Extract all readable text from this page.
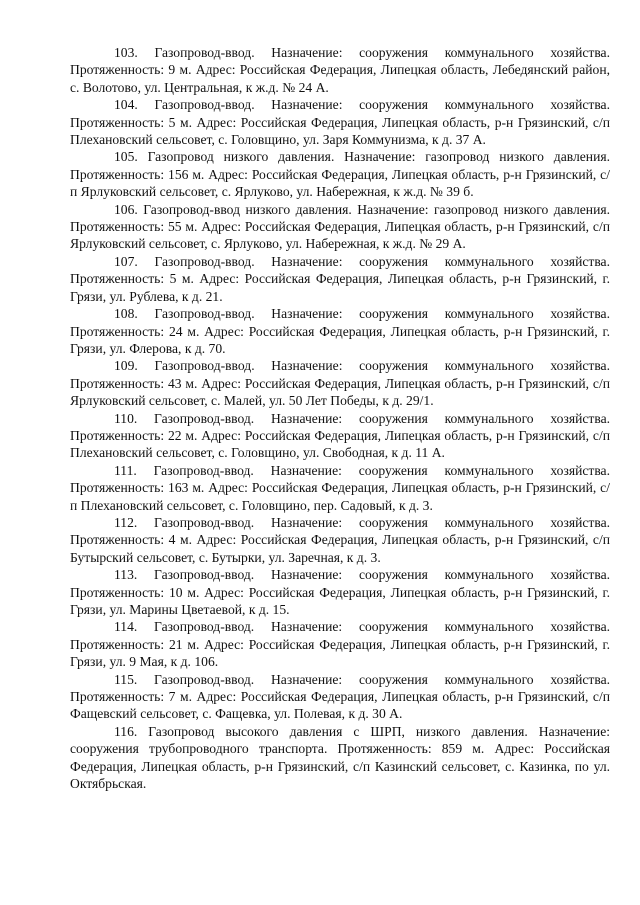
103. Газопровод-ввод. Назначение: сооружения коммунального хозяйства. Протяженность: 9 м. Адрес: Российская Федерация, Липецкая область, Лебедянский район, с. Волотово, ул. Центральная, к ж.д. № 24 А.

104. Газопровод-ввод. Назначение: сооружения коммунального хозяйства. Протяженность: 5 м. Адрес: Российская Федерация, Липецкая область, р-н Грязинский, с/п Плехановский сельсовет, с. Головщино, ул. Заря Коммунизма, к д. 37 А.

105. Газопровод низкого давления. Назначение: газопровод низкого давления. Протяженность: 156 м. Адрес: Российская Федерация, Липецкая область, р-н Грязинский, с/п Ярлуковский сельсовет, с. Ярлуково, ул. Набережная, к ж.д. № 39 б.

106. Газопровод-ввод низкого давления. Назначение: газопровод низкого давления. Протяженность: 55 м. Адрес: Российская Федерация, Липецкая область, р-н Грязинский, с/п Ярлуковский сельсовет, с. Ярлуково, ул. Набережная, к ж.д. № 29 А.

107. Газопровод-ввод. Назначение: сооружения коммунального хозяйства. Протяженность: 5 м. Адрес: Российская Федерация, Липецкая область, р-н Грязинский, г. Грязи, ул. Рублева, к д. 21.

108. Газопровод-ввод. Назначение: сооружения коммунального хозяйства. Протяженность: 24 м. Адрес: Российская Федерация, Липецкая область, р-н Грязинский, г. Грязи, ул. Флерова, к д. 70.

109. Газопровод-ввод. Назначение: сооружения коммунального хозяйства. Протяженность: 43 м. Адрес: Российская Федерация, Липецкая область, р-н Грязинский, с/п Ярлуковский сельсовет, с. Малей, ул. 50 Лет Победы, к д. 29/1.

110. Газопровод-ввод. Назначение: сооружения коммунального хозяйства. Протяженность: 22 м. Адрес: Российская Федерация, Липецкая область, р-н Грязинский, с/п Плехановский сельсовет, с. Головщино, ул. Свободная, к д. 11 А.

111. Газопровод-ввод. Назначение: сооружения коммунального хозяйства. Протяженность: 163 м. Адрес: Российская Федерация, Липецкая область, р-н Грязинский, с/п Плехановский сельсовет, с. Головщино, пер. Садовый, к д. 3.

112. Газопровод-ввод. Назначение: сооружения коммунального хозяйства. Протяженность: 4 м. Адрес: Российская Федерация, Липецкая область, р-н Грязинский, с/п Бутырский сельсовет, с. Бутырки, ул. Заречная, к д. 3.

113. Газопровод-ввод. Назначение: сооружения коммунального хозяйства. Протяженность: 10 м. Адрес: Российская Федерация, Липецкая область, р-н Грязинский, г. Грязи, ул. Марины Цветаевой, к д. 15.

114. Газопровод-ввод. Назначение: сооружения коммунального хозяйства. Протяженность: 21 м. Адрес: Российская Федерация, Липецкая область, р-н Грязинский, г. Грязи, ул. 9 Мая, к д. 106.

115. Газопровод-ввод. Назначение: сооружения коммунального хозяйства. Протяженность: 7 м. Адрес: Российская Федерация, Липецкая область, р-н Грязинский, с/п Фащевский сельсовет, с. Фащевка, ул. Полевая, к д. 30 А.

116. Газопровод высокого давления с ШРП, низкого давления. Назначение: сооружения трубопроводного транспорта. Протяженность: 859 м. Адрес: Российская Федерация, Липецкая область, р-н Грязинский, с/п Казинский сельсовет, с. Казинка, по ул. Октябрьская.
